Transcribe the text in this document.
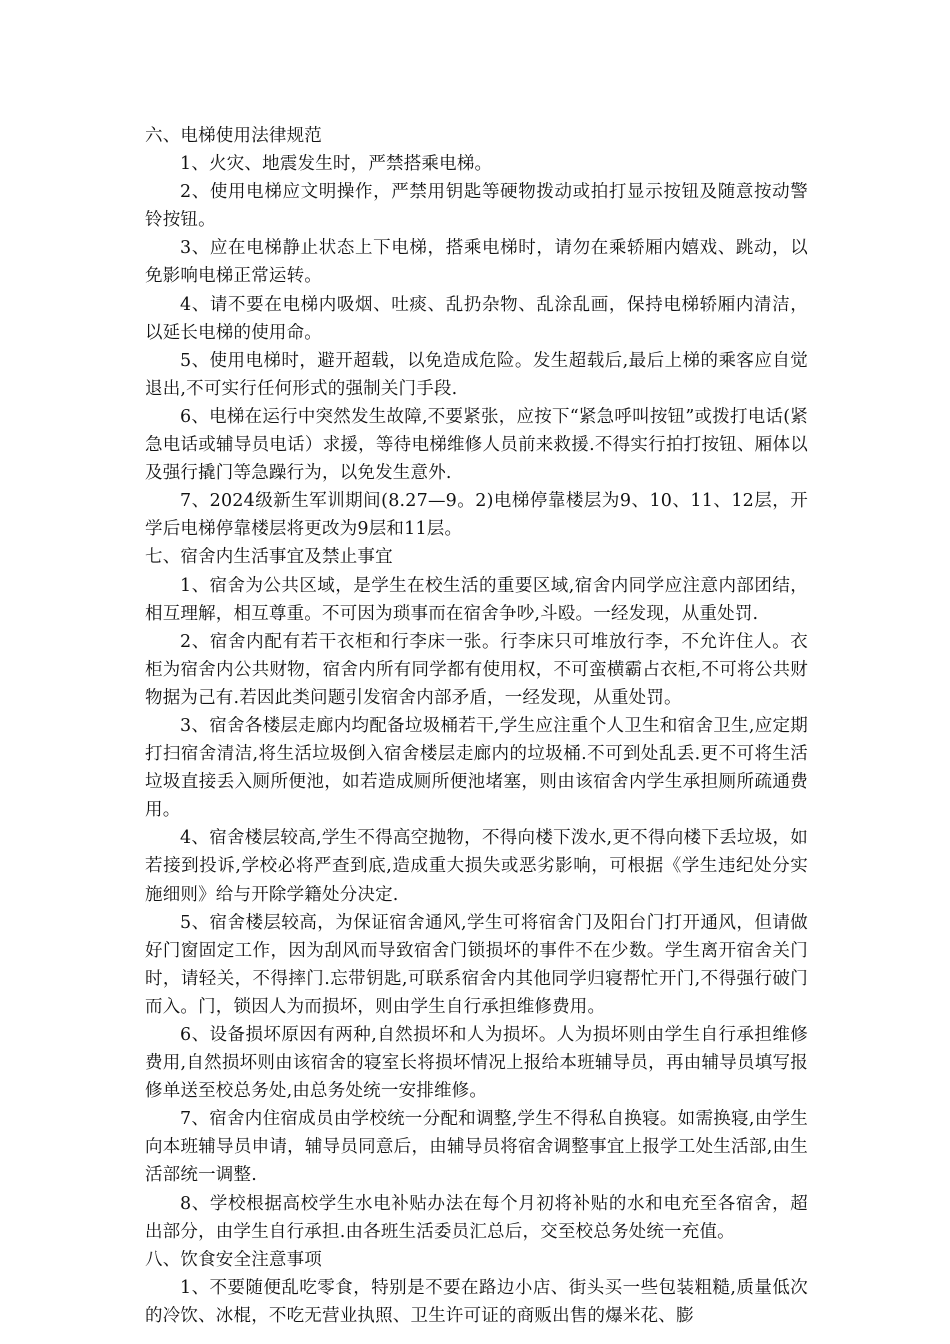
六、电梯使用法律规范

1、火灾、地震发生时，严禁搭乘电梯。

2、使用电梯应文明操作，严禁用钥匙等硬物拨动或拍打显示按钮及随意按动警铃按钮。

3、应在电梯静止状态上下电梯，搭乘电梯时，请勿在乘轿厢内嬉戏、跳动，以免影响电梯正常运转。

4、请不要在电梯内吸烟、吐痰、乱扔杂物、乱涂乱画，保持电梯轿厢内清洁，以延长电梯的使用命。

5、使用电梯时，避开超载，以免造成危险。发生超载后,最后上梯的乘客应自觉退出,不可实行任何形式的强制关门手段.

6、电梯在运行中突然发生故障,不要紧张，应按下“紧急呼叫按钮”或拨打电话(紧急电话或辅导员电话）求援，等待电梯维修人员前来救援.不得实行拍打按钮、厢体以及强行撬门等急躁行为，以免发生意外.

7、2024级新生军训期间(8.27—9。2)电梯停靠楼层为9、10、11、12层，开学后电梯停靠楼层将更改为9层和11层。

七、宿舍内生活事宜及禁止事宜

1、宿舍为公共区域，是学生在校生活的重要区域,宿舍内同学应注意内部团结，相互理解，相互尊重。不可因为琐事而在宿舍争吵,斗殴。一经发现，从重处罚.

2、宿舍内配有若干衣柜和行李床一张。行李床只可堆放行李，不允许住人。衣柜为宿舍内公共财物，宿舍内所有同学都有使用权，不可蛮横霸占衣柜,不可将公共财物据为己有.若因此类问题引发宿舍内部矛盾，一经发现，从重处罚。

3、宿舍各楼层走廊内均配备垃圾桶若干,学生应注重个人卫生和宿舍卫生,应定期打扫宿舍清洁,将生活垃圾倒入宿舍楼层走廊内的垃圾桶.不可到处乱丢.更不可将生活垃圾直接丢入厕所便池，如若造成厕所便池堵塞，则由该宿舍内学生承担厕所疏通费用。

4、宿舍楼层较高,学生不得高空抛物，不得向楼下泼水,更不得向楼下丢垃圾，如若接到投诉,学校必将严查到底,造成重大损失或恶劣影响，可根据《学生违纪处分实施细则》给与开除学籍处分决定.

5、宿舍楼层较高，为保证宿舍通风,学生可将宿舍门及阳台门打开通风，但请做好门窗固定工作，因为刮风而导致宿舍门锁损坏的事件不在少数。学生离开宿舍关门时，请轻关，不得摔门.忘带钥匙,可联系宿舍内其他同学归寝帮忙开门,不得强行破门而入。门，锁因人为而损坏，则由学生自行承担维修费用。

6、设备损坏原因有两种,自然损坏和人为损坏。人为损坏则由学生自行承担维修费用,自然损坏则由该宿舍的寝室长将损坏情况上报给本班辅导员，再由辅导员填写报修单送至校总务处,由总务处统一安排维修。

7、宿舍内住宿成员由学校统一分配和调整,学生不得私自换寝。如需换寝,由学生向本班辅导员申请，辅导员同意后，由辅导员将宿舍调整事宜上报学工处生活部,由生活部统一调整.

8、学校根据高校学生水电补贴办法在每个月初将补贴的水和电充至各宿舍，超出部分，由学生自行承担.由各班生活委员汇总后，交至校总务处统一充值。

八、饮食安全注意事项

1、不要随便乱吃零食，特别是不要在路边小店、街头买一些包装粗糙,质量低次的冷饮、冰棍，不吃无营业执照、卫生许可证的商贩出售的爆米花、膨
